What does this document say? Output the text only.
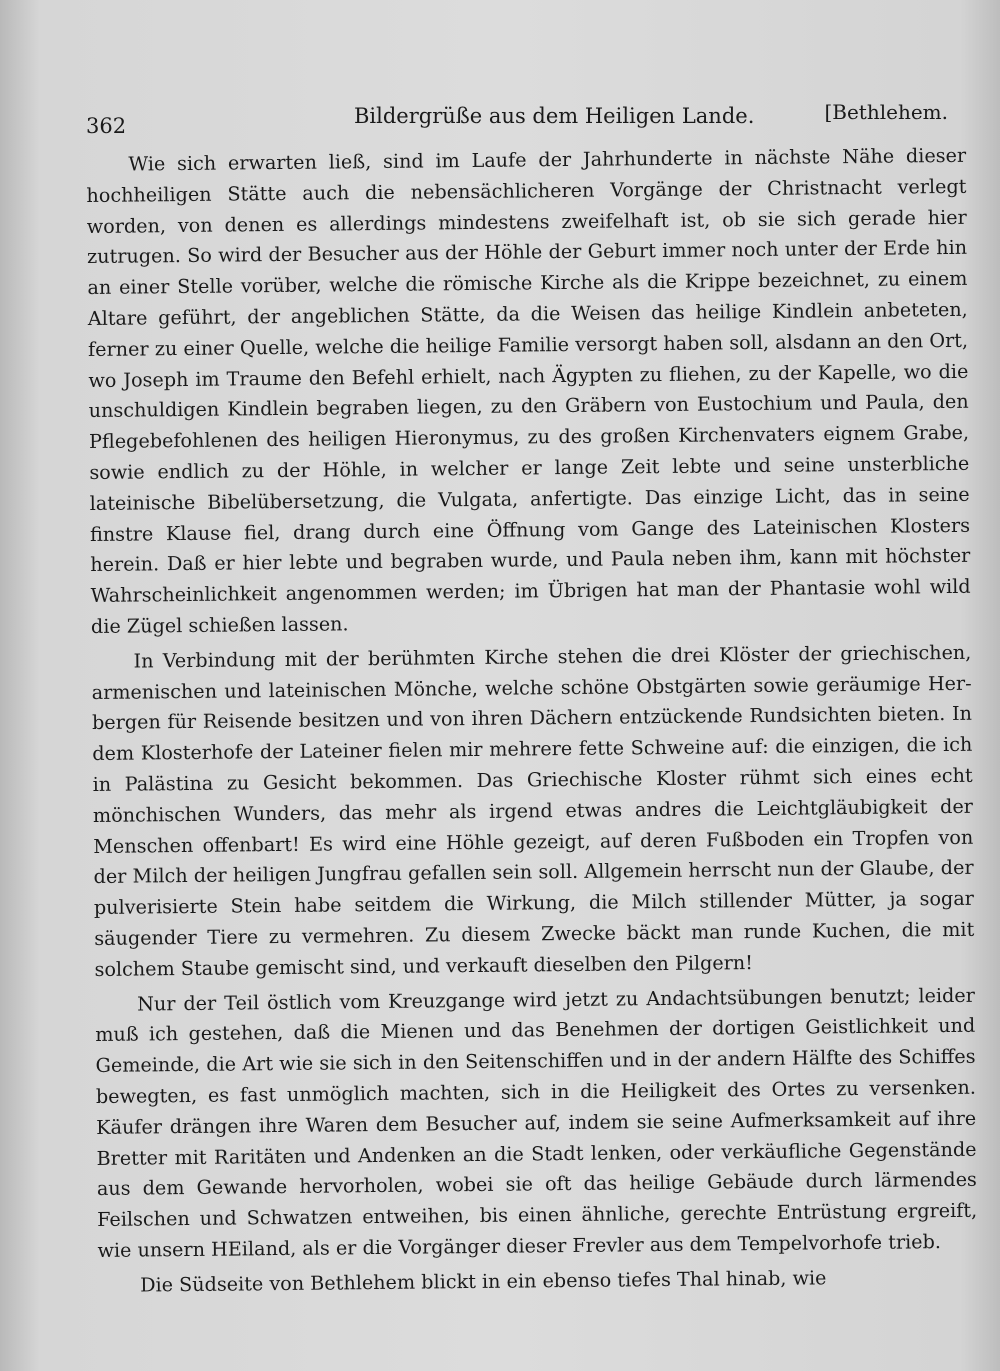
362	Bildergrüße aus dem Heiligen Lande.	[Bethlehem.

Wie sich erwarten ließ, sind im Laufe der Jahrhunderte in nächste Nähe dieser hochheiligen Stätte auch die nebensächlicheren Vorgänge der Christnacht verlegt worden, von denen es allerdings mindestens zweifelhaft ist, ob sie sich gerade hier zutrugen. So wird der Besucher aus der Höhle der Geburt immer noch unter der Erde hin an einer Stelle vorüber, welche die römische Kirche als die Krippe bezeichnet, zu einem Altare geführt, der angeblichen Stätte, da die Weisen das heilige Kindlein anbeteten, ferner zu einer Quelle, welche die heilige Familie versorgt haben soll, alsdann an den Ort, wo Joseph im Traume den Befehl erhielt, nach Ägypten zu fliehen, zu der Kapelle, wo die unschuldigen Kindlein begraben liegen, zu den Gräbern von Eustochium und Paula, den Pflegebefohlenen des heiligen Hieronymus, zu des großen Kirchenvaters eignem Grabe, sowie endlich zu der Höhle, in welcher er lange Zeit lebte und seine unsterbliche lateinische Bibelübersetzung, die Vulgata, anfertigte. Das einzige Licht, das in seine finstre Klause fiel, drang durch eine Öffnung vom Gange des Lateinischen Klosters herein. Daß er hier lebte und begraben wurde, und Paula neben ihm, kann mit höchster Wahrscheinlichkeit angenommen werden; im Übrigen hat man der Phantasie wohl wild die Zügel schießen lassen.

In Verbindung mit der berühmten Kirche stehen die drei Klöster der griechischen, armenischen und lateinischen Mönche, welche schöne Obstgärten sowie geräumige Herbergen für Reisende besitzen und von ihren Dächern entzückende Rundsichten bieten. In dem Klosterhofe der Lateiner fielen mir mehrere fette Schweine auf: die einzigen, die ich in Palästina zu Gesicht bekommen. Das Griechische Kloster rühmt sich eines echt mönchischen Wunders, das mehr als irgend etwas andres die Leichtgläubigkeit der Menschen offenbart! Es wird eine Höhle gezeigt, auf deren Fußboden ein Tropfen von der Milch der heiligen Jungfrau gefallen sein soll. Allgemein herrscht nun der Glaube, der pulverisierte Stein habe seitdem die Wirkung, die Milch stillender Mütter, ja sogar säugender Tiere zu vermehren. Zu diesem Zwecke bäckt man runde Kuchen, die mit solchem Staube gemischt sind, und verkauft dieselben den Pilgern!

Nur der Teil östlich vom Kreuzgange wird jetzt zu Andachtsübungen benutzt; leider muß ich gestehen, daß die Mienen und das Benehmen der dortigen Geistlichkeit und Gemeinde, die Art wie sie sich in den Seitenschiffen und in der andern Hälfte des Schiffes bewegten, es fast unmöglich machten, sich in die Heiligkeit des Ortes zu versenken. Käufer drängen ihre Waren dem Besucher auf, indem sie seine Aufmerksamkeit auf ihre Bretter mit Raritäten und Andenken an die Stadt lenken, oder verkäufliche Gegenstände aus dem Gewande hervorholen, wobei sie oft das heilige Gebäude durch lärmendes Feilschen und Schwatzen entweihen, bis einen ähnliche, gerechte Entrüstung ergreift, wie unsern HEiland, als er die Vorgänger dieser Frevler aus dem Tempelvorhofe trieb.

Die Südseite von Bethlehem blickt in ein ebenso tiefes Thal hinab, wie
